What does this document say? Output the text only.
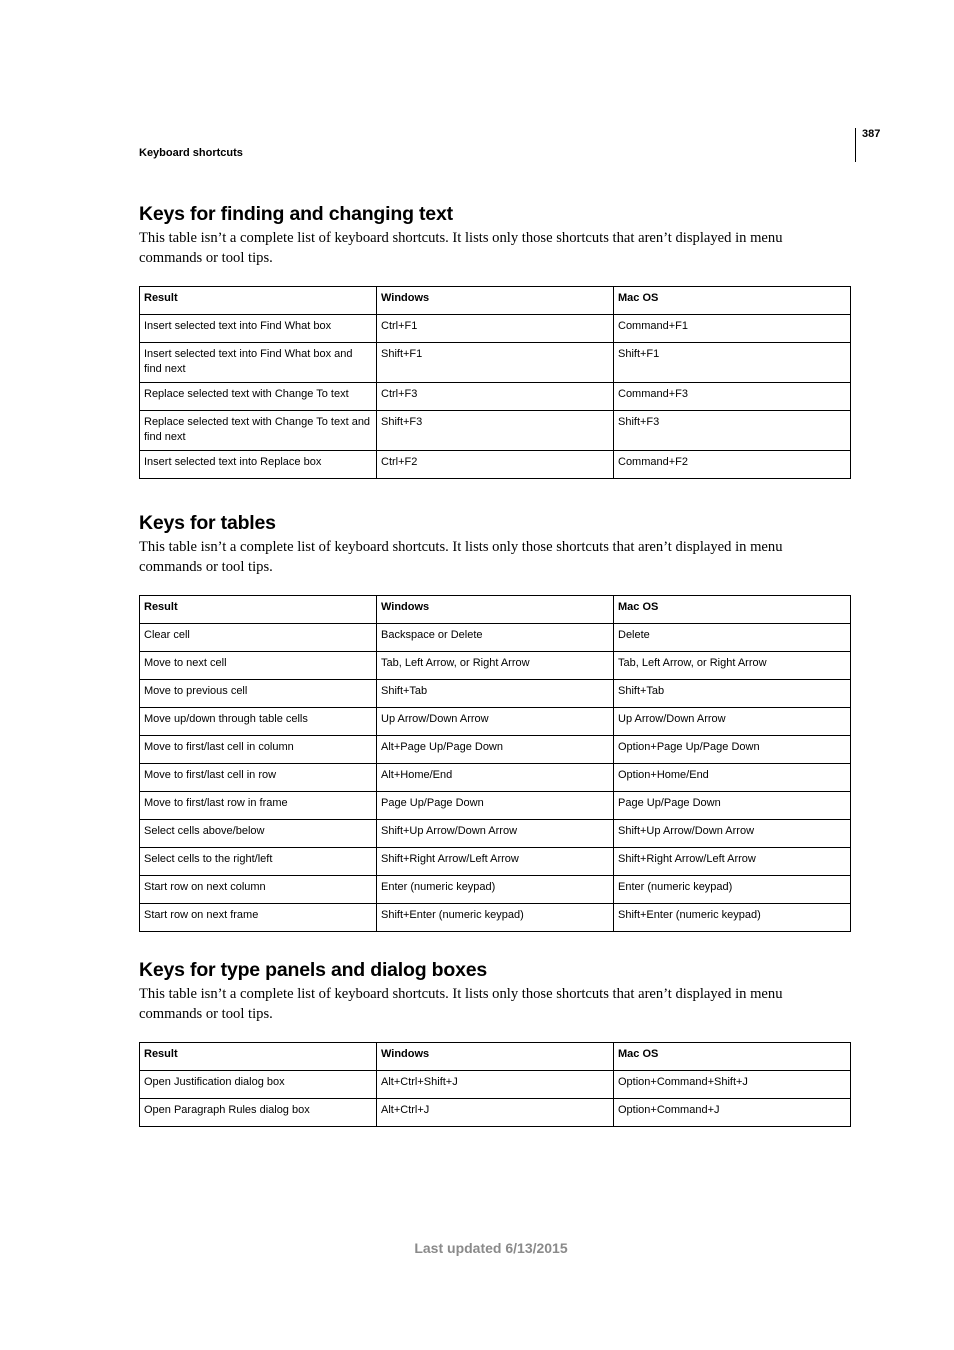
387
Keyboard shortcuts
Keys for finding and changing text

This table isn’t a complete list of keyboard shortcuts. It lists only those shortcuts that aren’t displayed in menu commands or tool tips.

Result	Windows	Mac OS
Insert selected text into Find What box	Ctrl+F1	Command+F1
Insert selected text into Find What box and find next	Shift+F1	Shift+F1
Replace selected text with Change To text	Ctrl+F3	Command+F3
Replace selected text with Change To text and find next	Shift+F3	Shift+F3
Insert selected text into Replace box	Ctrl+F2	Command+F2
Keys for tables

This table isn’t a complete list of keyboard shortcuts. It lists only those shortcuts that aren’t displayed in menu commands or tool tips.

Result	Windows	Mac OS
Clear cell	Backspace or Delete	Delete
Move to next cell	Tab, Left Arrow, or Right Arrow	Tab, Left Arrow, or Right Arrow
Move to previous cell	Shift+Tab	Shift+Tab
Move up/down through table cells	Up Arrow/Down Arrow	Up Arrow/Down Arrow
Move to first/last cell in column	Alt+Page Up/Page Down	Option+Page Up/Page Down
Move to first/last cell in row	Alt+Home/End	Option+Home/End
Move to first/last row in frame	Page Up/Page Down	Page Up/Page Down
Select cells above/below	Shift+Up Arrow/Down Arrow	Shift+Up Arrow/Down Arrow
Select cells to the right/left	Shift+Right Arrow/Left Arrow	Shift+Right Arrow/Left Arrow
Start row on next column	Enter (numeric keypad)	Enter (numeric keypad)
Start row on next frame	Shift+Enter (numeric keypad)	Shift+Enter (numeric keypad)
Keys for type panels and dialog boxes

This table isn’t a complete list of keyboard shortcuts. It lists only those shortcuts that aren’t displayed in menu commands or tool tips.

Result	Windows	Mac OS
Open Justification dialog box	Alt+Ctrl+Shift+J	Option+Command+Shift+J
Open Paragraph Rules dialog box	Alt+Ctrl+J	Option+Command+J
Last updated 6/13/2015
